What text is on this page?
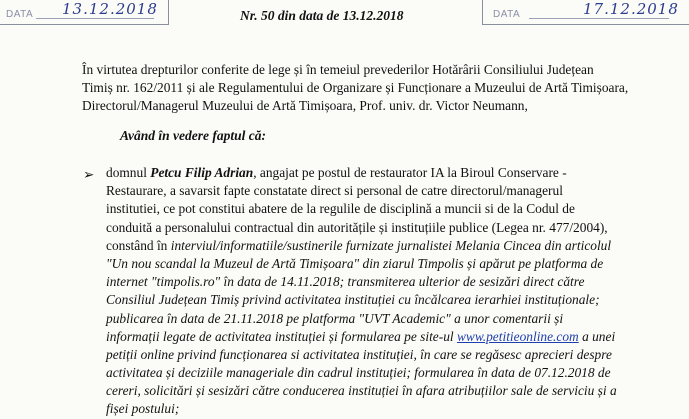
DATA 13.12.2018	Nr. 50 din data de 13.12.2018	DATA	17.12.2018
În virtutea drepturilor conferite de lege și în temeiul prevederilor Hotărârii Consiliului Județean
Timiș nr. 162/2011 și ale Regulamentului de Organizare și Funcționare a Muzeului de Artă Timișoara,
Directorul/Managerul Muzeului de Artă Timișoara, Prof. univ. dr. Victor Neumann,
Având în vedere faptul că:
➢ domnul Petcu Filip Adrian, angajat pe postul de restaurator IA la Biroul Conservare -
Restaurare, a savarsit fapte constatate direct si personal de catre directorul/managerul
institutiei, ce pot constitui abatere de la regulile de disciplină a muncii si de la Codul de
conduită a personalului contractual din autoritățile și instituțiile publice (Legea nr. 477/2004),
constând în interviul/informatiile/sustinerile furnizate jurnalistei Melania Cincea din articolul
"Un nou scandal la Muzeul de Artă Timișoara" din ziarul Timpolis și apărut pe platforma de
internet "timpolis.ro" în data de 14.11.2018; transmiterea ulterior de sesizări direct către
Consiliul Județean Timiș privind activitatea instituției cu încălcarea ierarhiei instituționale;
publicarea în data de 21.11.2018 pe platforma "UVT Academic" a unor comentarii și
informații legate de activitatea instituției și formularea pe site-ul www.petitieonline.com a unei
petiții online privind funcționarea si activitatea instituției, în care se regăsesc aprecieri despre
activitatea și deciziile manageriale din cadrul instituției; formularea în data de 07.12.2018 de
cereri, solicitări și sesizări către conducerea instituției în afara atribuțiilor sale de serviciu și a
fișei postului;
